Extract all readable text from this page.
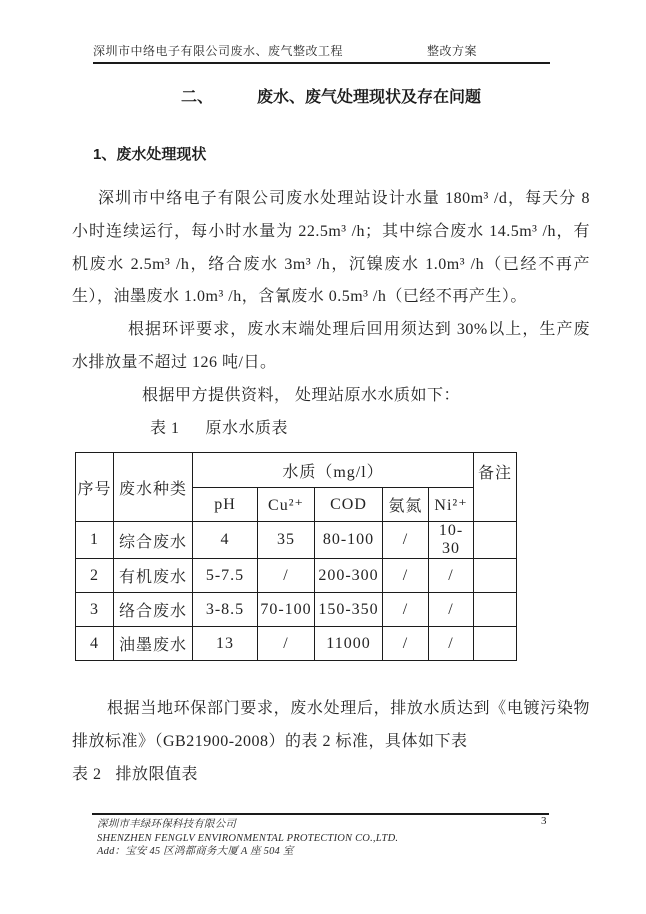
深圳市中络电子有限公司废水、废气整改工程	整改方案
二、	废水、废气处理现状及存在问题
1、废水处理现状

深圳市中络电子有限公司废水处理站设计水量 180m³ /d，每天分 8 小时连续运行，每小时水量为 22.5m³ /h；其中综合废水 14.5m³ /h，有机废水 2.5m³ /h，络合废水 3m³ /h，沉镍废水 1.0m³ /h（已经不再产生），油墨废水 1.0m³ /h，含氰废水 0.5m³ /h（已经不再产生）。

根据环评要求，废水末端处理后回用须达到 30%以上，生产废水排放量不超过 126 吨/日。

根据甲方提供资料， 处理站原水水质如下：

表 1 原水水质表

序号	废水种类	水质（mg/l）					备注
		pH	Cu²⁺	COD	氨氮	Ni²⁺	
1	综合废水	4	35	80-100	/	10-30	
2	有机废水	5-7.5	/	200-300	/	/	
3	络合废水	3-8.5	70-100	150-350	/	/	
4	油墨废水	13	/	11000	/	/	

根据当地环保部门要求，废水处理后，排放水质达到《电镀污染物排放标准》（GB21900-2008）的表 2 标准，具体如下表

表 2 排放限值表

3
深圳市丰绿环保科技有限公司
SHENZHEN FENGLV ENVIRONMENTAL PROTECTION CO.,LTD.
Add：宝安 45 区鸿都商务大厦 A 座 504 室
